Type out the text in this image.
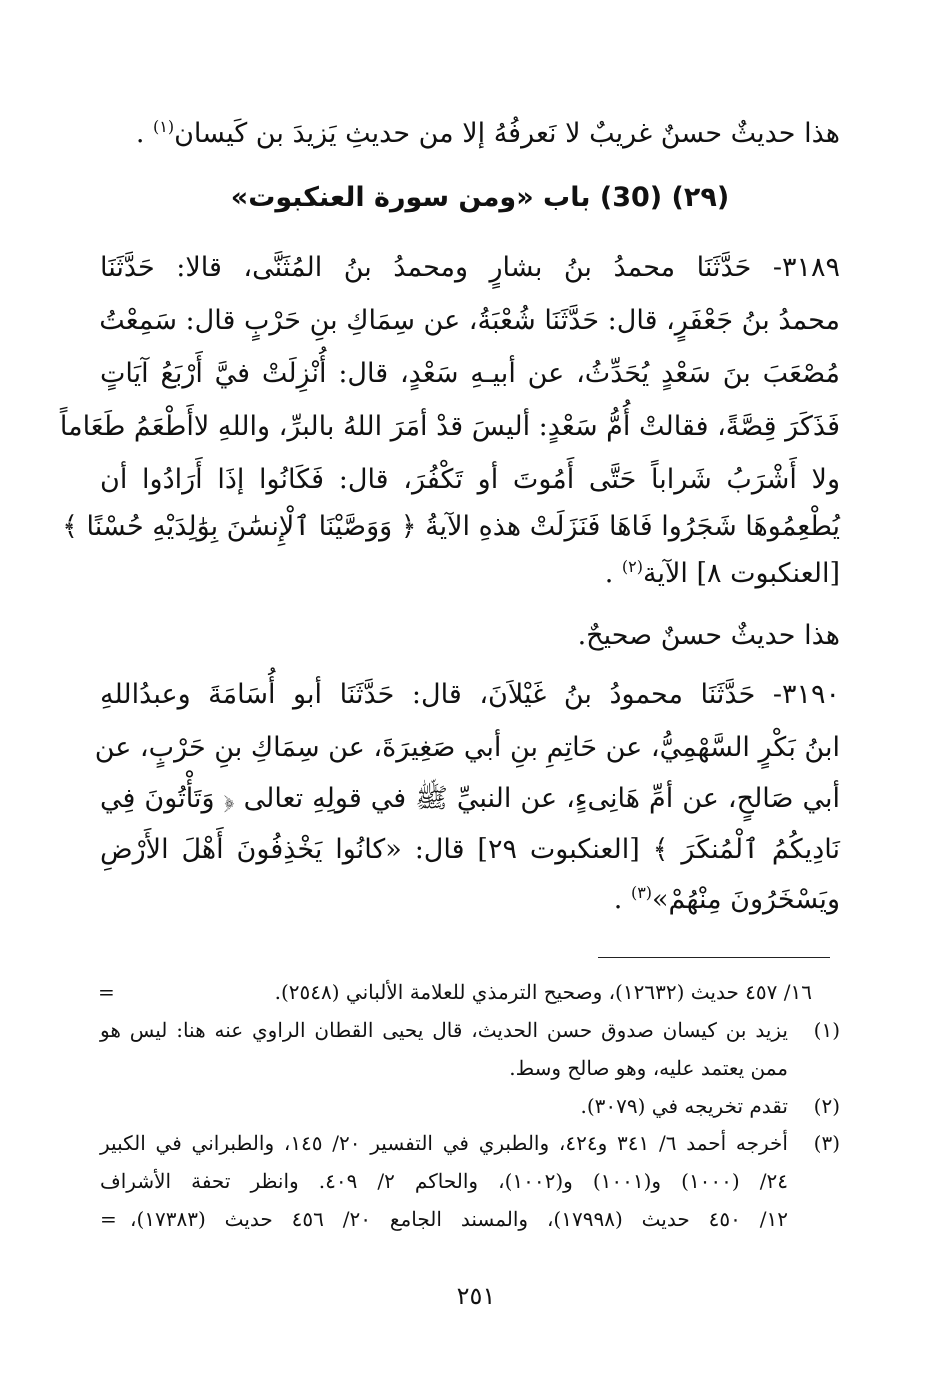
هذا حديثٌ حسنٌ غريبٌ لا نَعرفُهُ إلا من حديثِ يَزيدَ بن كَيسان$^{(١)}$ .
(٢٩) (30) باب «ومن سورة العنكبوت»
٣١٨٩- حَدَّثَنَا محمدُ بنُ بشارٍ ومحمدُ بنُ المُثَنَّى، قالا: حَدَّثَنَا
محمدُ بنُ جَعْفَرٍ، قال: حَدَّثَنَا شُعْبَةُ، عن سِمَاكِ بنِ حَرْبٍ قال: سَمِعْتُ
مُصْعَبَ بنَ سَعْدٍ يُحَدِّثُ، عن أبيـهِ سَعْدٍ، قال: أُنْزِلَتْ فيَّ أَرْبَعُ آيَاتٍ
فَذَكَرَ قِصَّةً، فقالتْ أُمُّ سَعْدٍ: أليسَ قدْ أمَرَ اللهُ بالبرِّ، واللهِ لاأَطْعَمُ طَعَاماً
ولا أَشْرَبُ شَراباً حَتَّى أَمُوتَ أو تَكْفُرَ، قال: فَكَانُوا إذَا أَرَادُوا أن
يُطْعِمُوهَا شَجَرُوا فَاهَا فَنَزَلَتْ هذهِ الآيةُ ﴿ وَوَصَّيْنَا ٱلْإِنسَٰنَ بِوَٰلِدَيْهِ حُسْنًا ﴾
[العنكبوت ٨] الآية$^{(٢)}$ .
هذا حديثٌ حسنٌ صحيحٌ.
٣١٩٠- حَدَّثَنَا محمودُ بنُ غَيْلاَنَ، قال: حَدَّثَنَا أبو أُسَامَةَ وعبدُاللهِ
ابنُ بَكْرٍ السَّهْمِيُّ، عن حَاتِمِ بنِ أبي صَغِيرَةَ، عن سِمَاكِ بنِ حَرْبٍ، عن
أبي صَالحٍ، عن أمِّ هَانِىءٍ، عن النبيِّ ﷺ في قولِهِ تعالى ﴿ وَتَأْتُونَ فِي
نَادِيكُمُ ٱلْمُنكَرَ ﴾ [العنكبوت ٢٩] قال: «كانُوا يَخْذِفُونَ أَهْلَ الأَرْضِ
ويَسْخَرُونَ مِنْهُمْ»$^{(٣)}$ .
١٦/ ٤٥٧ حديث (١٢٦٣٢)، وصحيح الترمذي للعلامة الألباني (٢٥٤٨).
=
(١)
يزيد بن كيسان صدوق حسن الحديث، قال يحيى القطان الراوي عنه هنا: ليس هو
ممن يعتمد عليه، وهو صالح وسط.
(٢)
تقدم تخريجه في (٣٠٧٩).
(٣)
أخرجه أحمد ٦/ ٣٤١ و٤٢٤، والطبري في التفسير ٢٠/ ١٤٥، والطبراني في الكبير
٢٤/ (١٠٠٠) و(١٠٠١) و(١٠٠٢)، والحاكم ٢/ ٤٠٩. وانظر تحفة الأشراف
١٢/ ٤٥٠ حديث (١٧٩٩٨)، والمسند الجامع ٢٠/ ٤٥٦ حديث (١٧٣٨٣)،
=
٢٥١
